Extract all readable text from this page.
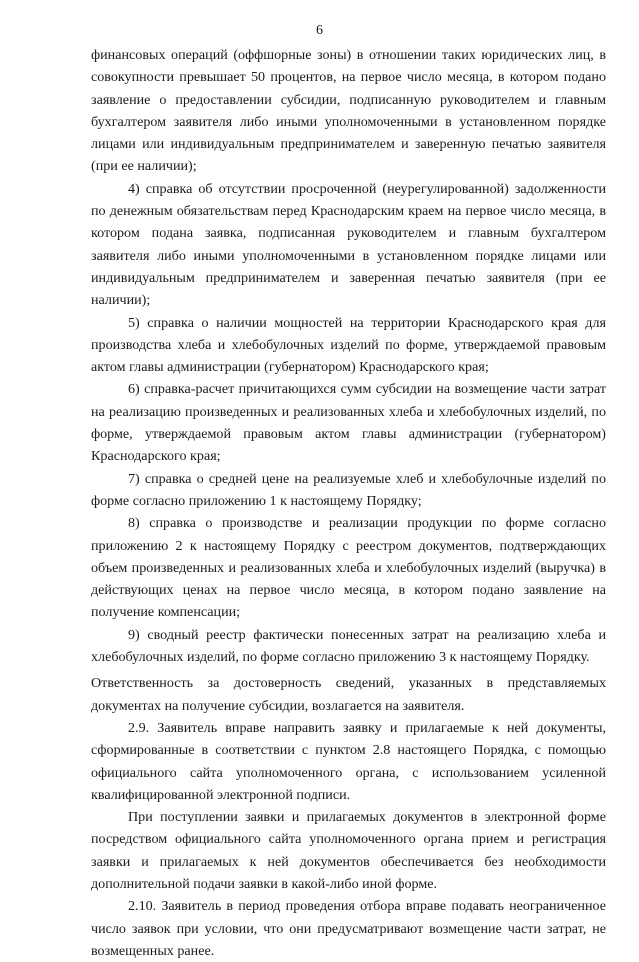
6

финансовых операций (оффшорные зоны) в отношении таких юридических лиц, в совокупности превышает 50 процентов, на первое число месяца, в котором подано заявление о предоставлении субсидии, подписанную руководителем и главным бухгалтером заявителя либо иными уполномоченными в установленном порядке лицами или индивидуальным предпринимателем и заверенную печатью заявителя (при ее наличии);

4) справка об отсутствии просроченной (неурегулированной) задолженности по денежным обязательствам перед Краснодарским краем на первое число месяца, в котором подана заявка, подписанная руководителем и главным бухгалтером заявителя либо иными уполномоченными в установленном порядке лицами или индивидуальным предпринимателем и заверенная печатью заявителя (при ее наличии);

5) справка о наличии мощностей на территории Краснодарского края для производства хлеба и хлебобулочных изделий по форме, утверждаемой правовым актом главы администрации (губернатором) Краснодарского края;

6) справка-расчет причитающихся сумм субсидии на возмещение части затрат на реализацию произведенных и реализованных хлеба и хлебобулочных изделий, по форме, утверждаемой правовым актом главы администрации (губернатором) Краснодарского края;

7) справка о средней цене на реализуемые хлеб и хлебобулочные изделий по форме согласно приложению 1 к настоящему Порядку;

8) справка о производстве и реализации продукции по форме согласно приложению 2 к настоящему Порядку с реестром документов, подтверждающих объем произведенных и реализованных хлеба и хлебобулочных изделий (выручка) в действующих ценах на первое число месяца, в котором подано заявление на получение компенсации;

9) сводный реестр фактически понесенных затрат на реализацию хлеба и хлебобулочных изделий, по форме согласно приложению 3 к настоящему Порядку.

Ответственность за достоверность сведений, указанных в представляемых документах на получение субсидии, возлагается на заявителя.

2.9. Заявитель вправе направить заявку и прилагаемые к ней документы, сформированные в соответствии с пунктом 2.8 настоящего Порядка, с помощью официального сайта уполномоченного органа, с использованием усиленной квалифицированной электронной подписи.

При поступлении заявки и прилагаемых документов в электронной форме посредством официального сайта уполномоченного органа прием и регистрация заявки и прилагаемых к ней документов обеспечивается без необходимости дополнительной подачи заявки в какой-либо иной форме.

2.10. Заявитель в период проведения отбора вправе подавать неограниченное число заявок при условии, что они предусматривают возмещение части затрат, не возмещенных ранее.
